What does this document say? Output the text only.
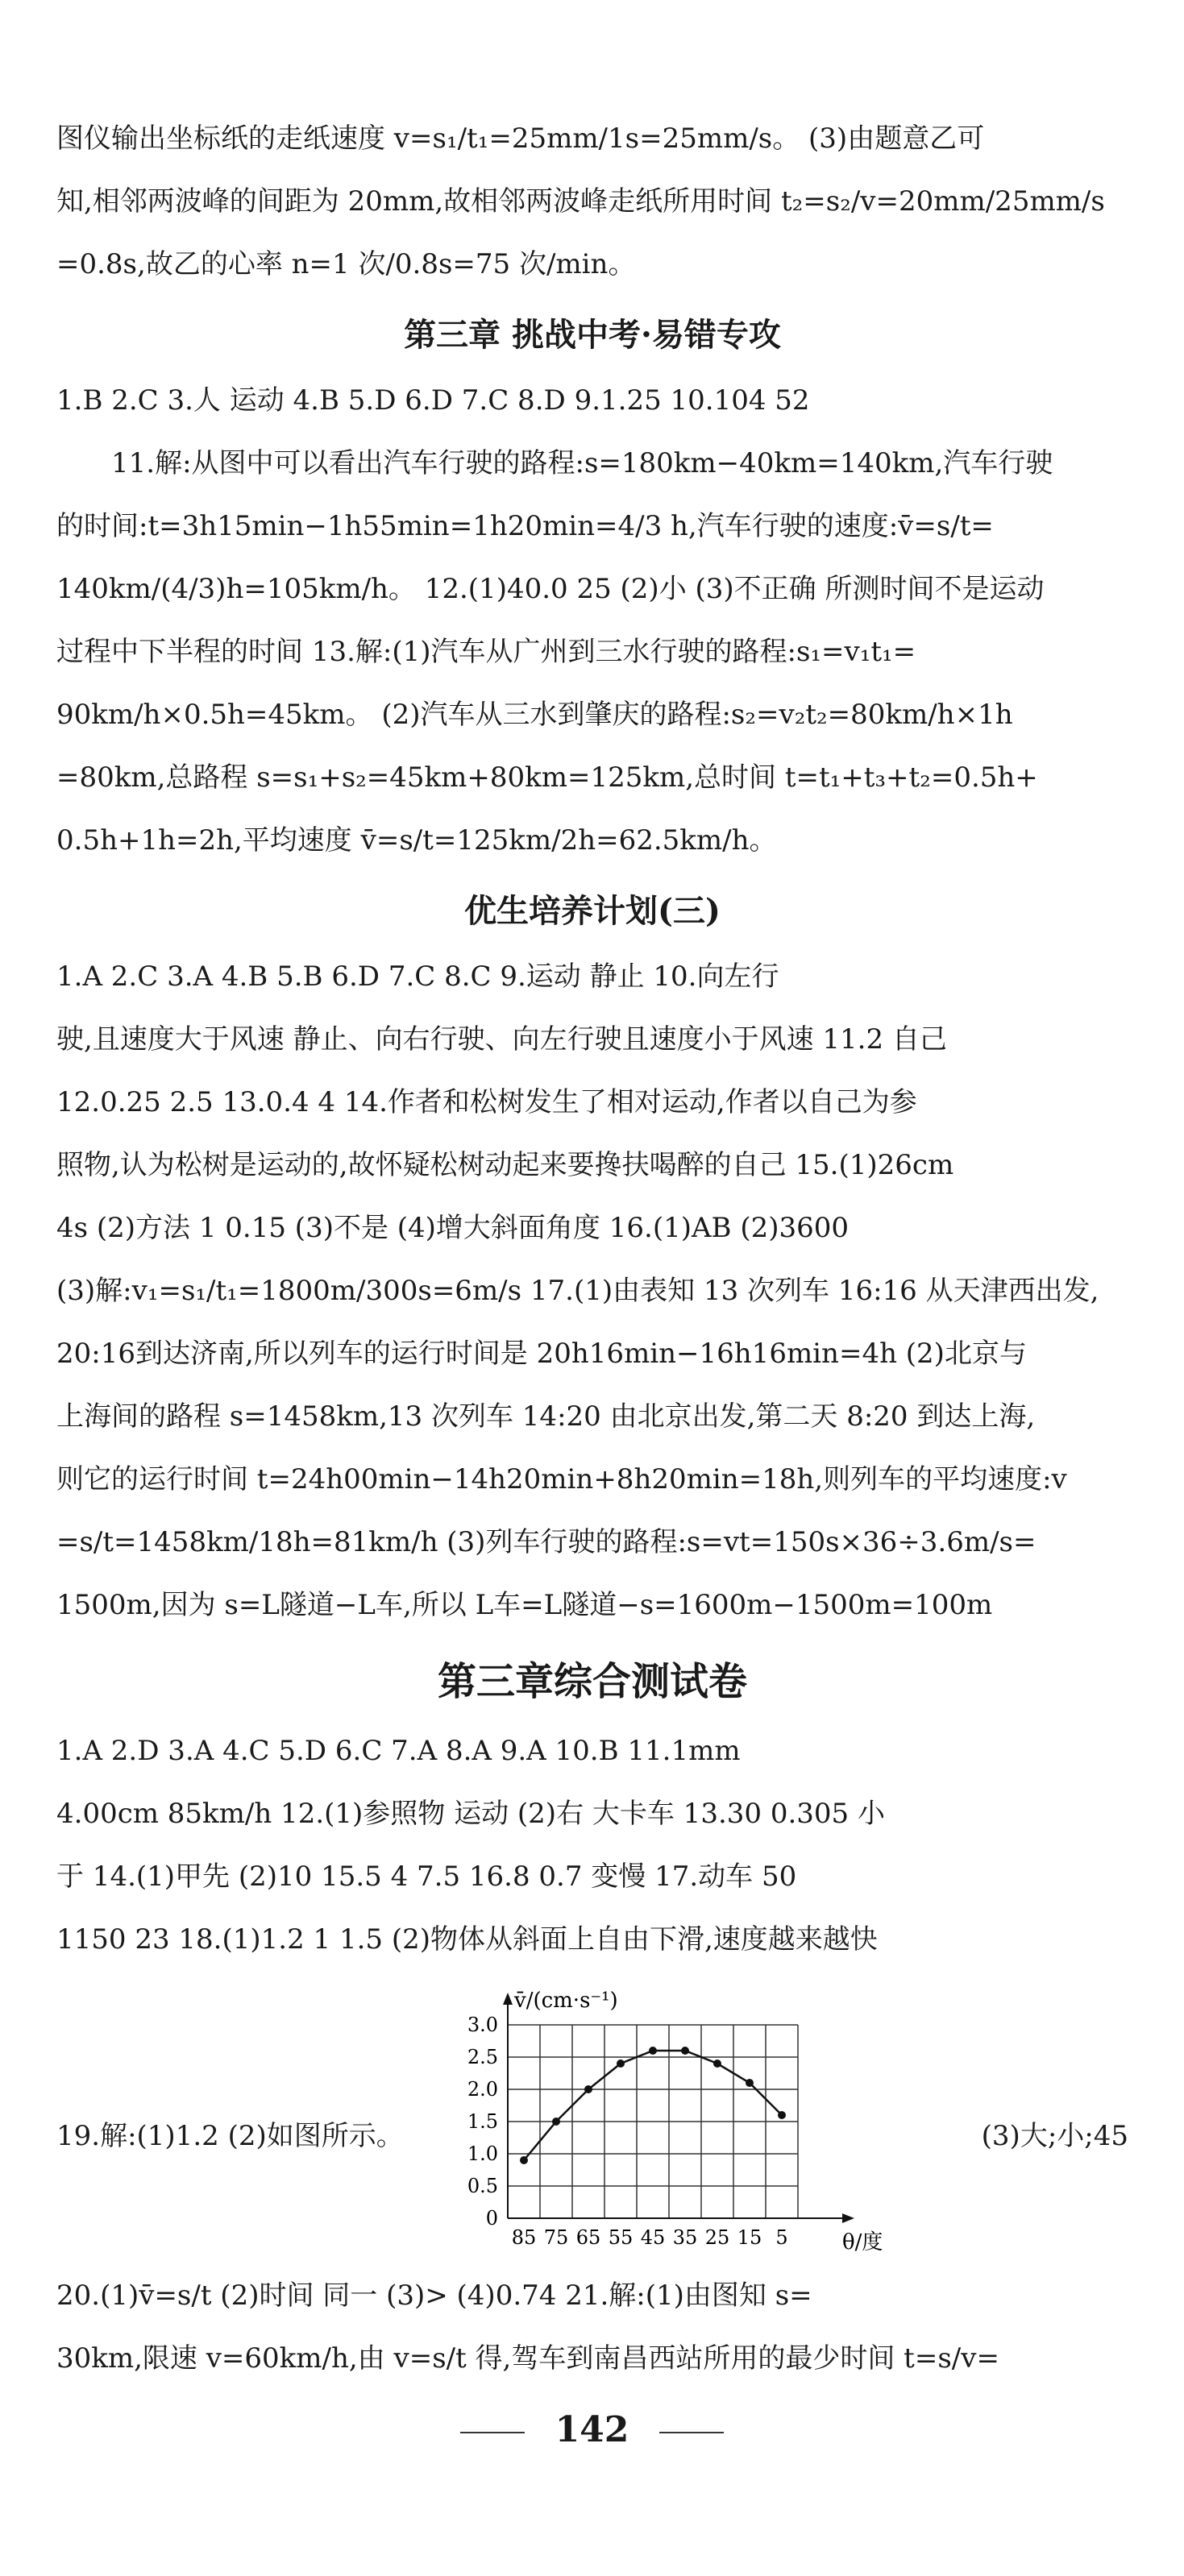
图仪输出坐标纸的走纸速度 v=s₁/t₁=25mm/1s=25mm/s。 (3)由题意乙可
知,相邻两波峰的间距为 20mm,故相邻两波峰走纸所用时间 t₂=s₂/v=20mm/25mm/s
=0.8s,故乙的心率 n=1 次/0.8s=75 次/min。
第三章 挑战中考·易错专攻
1.B 2.C 3.人 运动 4.B 5.D 6.D 7.C 8.D 9.1.25 10.104 52
11.解:从图中可以看出汽车行驶的路程:s=180km−40km=140km,汽车行驶
的时间:t=3h15min−1h55min=1h20min=4/3 h,汽车行驶的速度:v̄=s/t=
140km/(4/3)h=105km/h。 12.(1)40.0 25 (2)小 (3)不正确 所测时间不是运动
过程中下半程的时间 13.解:(1)汽车从广州到三水行驶的路程:s₁=v₁t₁=
90km/h×0.5h=45km。 (2)汽车从三水到肇庆的路程:s₂=v₂t₂=80km/h×1h
=80km,总路程 s=s₁+s₂=45km+80km=125km,总时间 t=t₁+t₃+t₂=0.5h+
0.5h+1h=2h,平均速度 v̄=s/t=125km/2h=62.5km/h。
优生培养计划(三)
1.A 2.C 3.A 4.B 5.B 6.D 7.C 8.C 9.运动 静止 10.向左行
驶,且速度大于风速 静止、向右行驶、向左行驶且速度小于风速 11.2 自己
12.0.25 2.5 13.0.4 4 14.作者和松树发生了相对运动,作者以自己为参
照物,认为松树是运动的,故怀疑松树动起来要搀扶喝醉的自己 15.(1)26cm
4s (2)方法 1 0.15 (3)不是 (4)增大斜面角度 16.(1)AB (2)3600
(3)解:v₁=s₁/t₁=1800m/300s=6m/s 17.(1)由表知 13 次列车 16:16 从天津西出发,
20:16到达济南,所以列车的运行时间是 20h16min−16h16min=4h (2)北京与
上海间的路程 s=1458km,13 次列车 14:20 由北京出发,第二天 8:20 到达上海,
则它的运行时间 t=24h00min−14h20min+8h20min=18h,则列车的平均速度:v
=s/t=1458km/18h=81km/h (3)列车行驶的路程:s=vt=150s×36÷3.6m/s=
1500m,因为 s=L隧道−L车,所以 L车=L隧道−s=1600m−1500m=100m
第三章综合测试卷
1.A 2.D 3.A 4.C 5.D 6.C 7.A 8.A 9.A 10.B 11.1mm
4.00cm 85km/h 12.(1)参照物 运动 (2)右 大卡车 13.30 0.305 小
于 14.(1)甲先 (2)10 15.5 4 7.5 16.8 0.7 变慢 17.动车 50
1150 23 18.(1)1.2 1 1.5 (2)物体从斜面上自由下滑,速度越来越快
19.解:(1)1.2 (2)如图所示。
0
0.5
1.0
1.5
2.0
2.5
3.0
85 75 65 55 45 35 25 15 5
v̄/(cm·s⁻¹)
θ/度
(3)大;小;45
20.(1)v̄=s/t (2)时间 同一 (3)> (4)0.74 21.解:(1)由图知 s=
30km,限速 v=60km/h,由 v=s/t 得,驾车到南昌西站所用的最少时间 t=s/v=
142
